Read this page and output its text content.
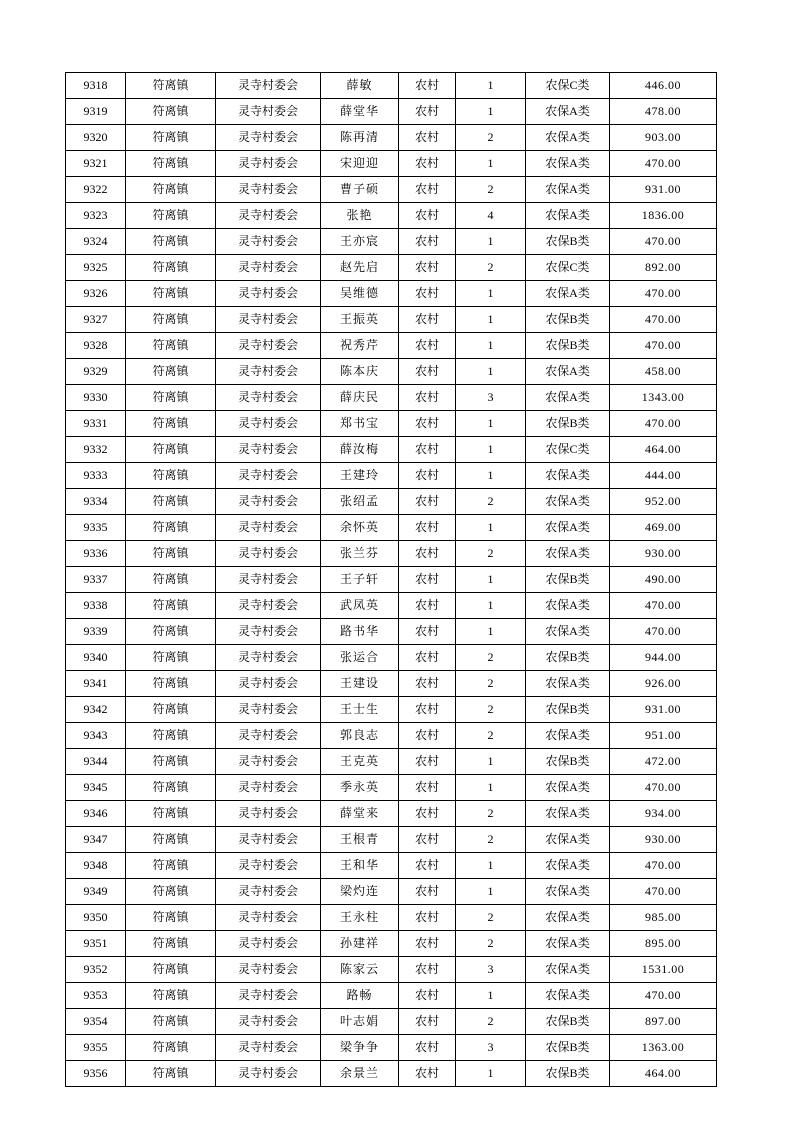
9318	符离镇	灵寺村委会	薛敏	农村	1	农保C类	446.00
9319	符离镇	灵寺村委会	薛堂华	农村	1	农保A类	478.00
9320	符离镇	灵寺村委会	陈再清	农村	2	农保A类	903.00
9321	符离镇	灵寺村委会	宋迎迎	农村	1	农保A类	470.00
9322	符离镇	灵寺村委会	曹子硕	农村	2	农保A类	931.00
9323	符离镇	灵寺村委会	张艳	农村	4	农保A类	1836.00
9324	符离镇	灵寺村委会	王亦宸	农村	1	农保B类	470.00
9325	符离镇	灵寺村委会	赵先启	农村	2	农保C类	892.00
9326	符离镇	灵寺村委会	吴维德	农村	1	农保A类	470.00
9327	符离镇	灵寺村委会	王振英	农村	1	农保B类	470.00
9328	符离镇	灵寺村委会	祝秀芹	农村	1	农保B类	470.00
9329	符离镇	灵寺村委会	陈本庆	农村	1	农保A类	458.00
9330	符离镇	灵寺村委会	薛庆民	农村	3	农保A类	1343.00
9331	符离镇	灵寺村委会	郑书宝	农村	1	农保B类	470.00
9332	符离镇	灵寺村委会	薛汝梅	农村	1	农保C类	464.00
9333	符离镇	灵寺村委会	王建玲	农村	1	农保A类	444.00
9334	符离镇	灵寺村委会	张绍孟	农村	2	农保A类	952.00
9335	符离镇	灵寺村委会	余怀英	农村	1	农保A类	469.00
9336	符离镇	灵寺村委会	张兰芬	农村	2	农保A类	930.00
9337	符离镇	灵寺村委会	王子轩	农村	1	农保B类	490.00
9338	符离镇	灵寺村委会	武凤英	农村	1	农保A类	470.00
9339	符离镇	灵寺村委会	路书华	农村	1	农保A类	470.00
9340	符离镇	灵寺村委会	张运合	农村	2	农保B类	944.00
9341	符离镇	灵寺村委会	王建设	农村	2	农保A类	926.00
9342	符离镇	灵寺村委会	王士生	农村	2	农保B类	931.00
9343	符离镇	灵寺村委会	郭良志	农村	2	农保A类	951.00
9344	符离镇	灵寺村委会	王克英	农村	1	农保B类	472.00
9345	符离镇	灵寺村委会	季永英	农村	1	农保A类	470.00
9346	符离镇	灵寺村委会	薛堂来	农村	2	农保A类	934.00
9347	符离镇	灵寺村委会	王根青	农村	2	农保A类	930.00
9348	符离镇	灵寺村委会	王和华	农村	1	农保A类	470.00
9349	符离镇	灵寺村委会	梁灼连	农村	1	农保A类	470.00
9350	符离镇	灵寺村委会	王永柱	农村	2	农保A类	985.00
9351	符离镇	灵寺村委会	孙建祥	农村	2	农保A类	895.00
9352	符离镇	灵寺村委会	陈家云	农村	3	农保A类	1531.00
9353	符离镇	灵寺村委会	路畅	农村	1	农保A类	470.00
9354	符离镇	灵寺村委会	叶志娟	农村	2	农保B类	897.00
9355	符离镇	灵寺村委会	梁争争	农村	3	农保B类	1363.00
9356	符离镇	灵寺村委会	余景兰	农村	1	农保B类	464.00
